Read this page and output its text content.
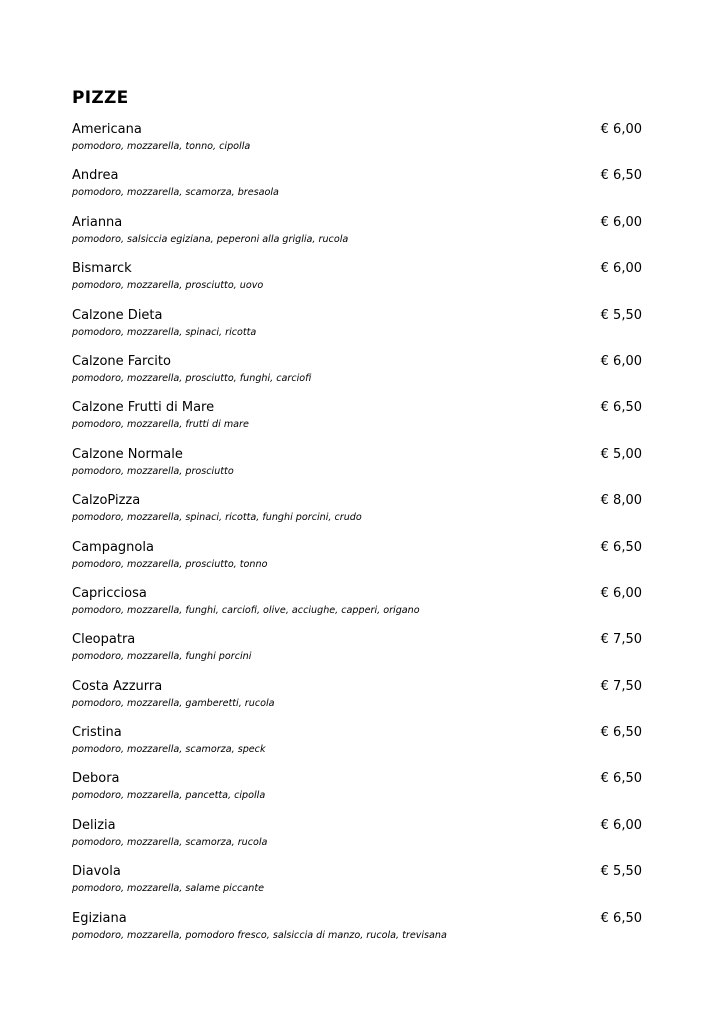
PIZZE
Americana	€ 6,00
pomodoro, mozzarella, tonno, cipolla
Andrea	€ 6,50
pomodoro, mozzarella, scamorza, bresaola
Arianna	€ 6,00
pomodoro, salsiccia egiziana, peperoni alla griglia, rucola
Bismarck	€ 6,00
pomodoro, mozzarella, prosciutto, uovo
Calzone Dieta	€ 5,50
pomodoro, mozzarella, spinaci, ricotta
Calzone Farcito	€ 6,00
pomodoro, mozzarella, prosciutto, funghi, carciofi
Calzone Frutti di Mare	€ 6,50
pomodoro, mozzarella, frutti di mare
Calzone Normale	€ 5,00
pomodoro, mozzarella, prosciutto
CalzoPizza	€ 8,00
pomodoro, mozzarella, spinaci, ricotta, funghi porcini, crudo
Campagnola	€ 6,50
pomodoro, mozzarella, prosciutto, tonno
Capricciosa	€ 6,00
pomodoro, mozzarella, funghi, carciofi, olive, acciughe, capperi, origano
Cleopatra	€ 7,50
pomodoro, mozzarella, funghi porcini
Costa Azzurra	€ 7,50
pomodoro, mozzarella, gamberetti, rucola
Cristina	€ 6,50
pomodoro, mozzarella, scamorza, speck
Debora	€ 6,50
pomodoro, mozzarella, pancetta, cipolla
Delizia	€ 6,00
pomodoro, mozzarella, scamorza, rucola
Diavola	€ 5,50
pomodoro, mozzarella, salame piccante
Egiziana	€ 6,50
pomodoro, mozzarella, pomodoro fresco, salsiccia di manzo, rucola, trevisana
